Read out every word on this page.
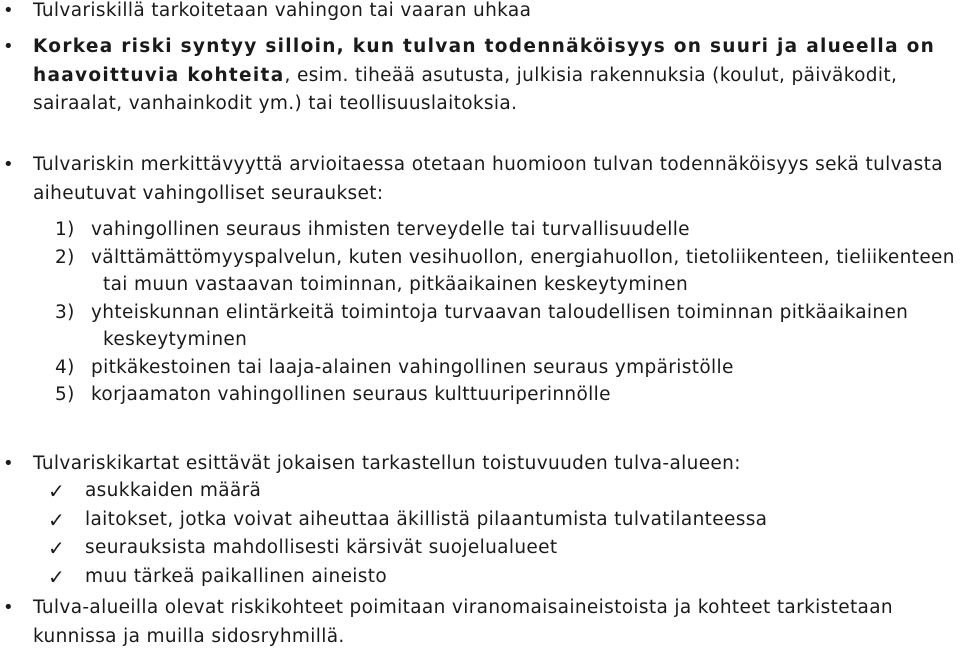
• Tulvariskillä tarkoitetaan vahingon tai vaaran uhkaa
• Korkea riski syntyy silloin, kun tulvan todennäköisyys on suuri ja alueella on haavoittuvia kohteita, esim. tiheää asutusta, julkisia rakennuksia (koulut, päiväkodit, sairaalat, vanhainkodit ym.) tai teollisuuslaitoksia.
• Tulvariskin merkittävyyttä arvioitaessa otetaan huomioon tulvan todennäköisyys sekä tulvasta aiheutuvat vahingolliset seuraukset:
1) vahingollinen seuraus ihmisten terveydelle tai turvallisuudelle
2) välttämättömyyspalvelun, kuten vesihuollon, energiahuollon, tietoliikenteen, tieliikenteen tai muun vastaavan toiminnan, pitkäaikainen keskeytyminen
3) yhteiskunnan elintärkeitä toimintoja turvaavan taloudellisen toiminnan pitkäaikainen keskeytyminen
4) pitkäkestoinen tai laaja-alainen vahingollinen seuraus ympäristölle
5) korjaamaton vahingollinen seuraus kulttuuriperinnölle
• Tulvariskikartat esittävät jokaisen tarkastellun toistuvuuden tulva-alueen:
✓ asukkaiden määrä
✓ laitokset, jotka voivat aiheuttaa äkillistä pilaantumista tulvatilanteessa
✓ seurauksista mahdollisesti kärsivät suojelualueet
✓ muu tärkeä paikallinen aineisto
• Tulva-alueilla olevat riskikohteet poimitaan viranomaisaineistoista ja kohteet tarkistetaan kunnissa ja muilla sidosryhmillä.
